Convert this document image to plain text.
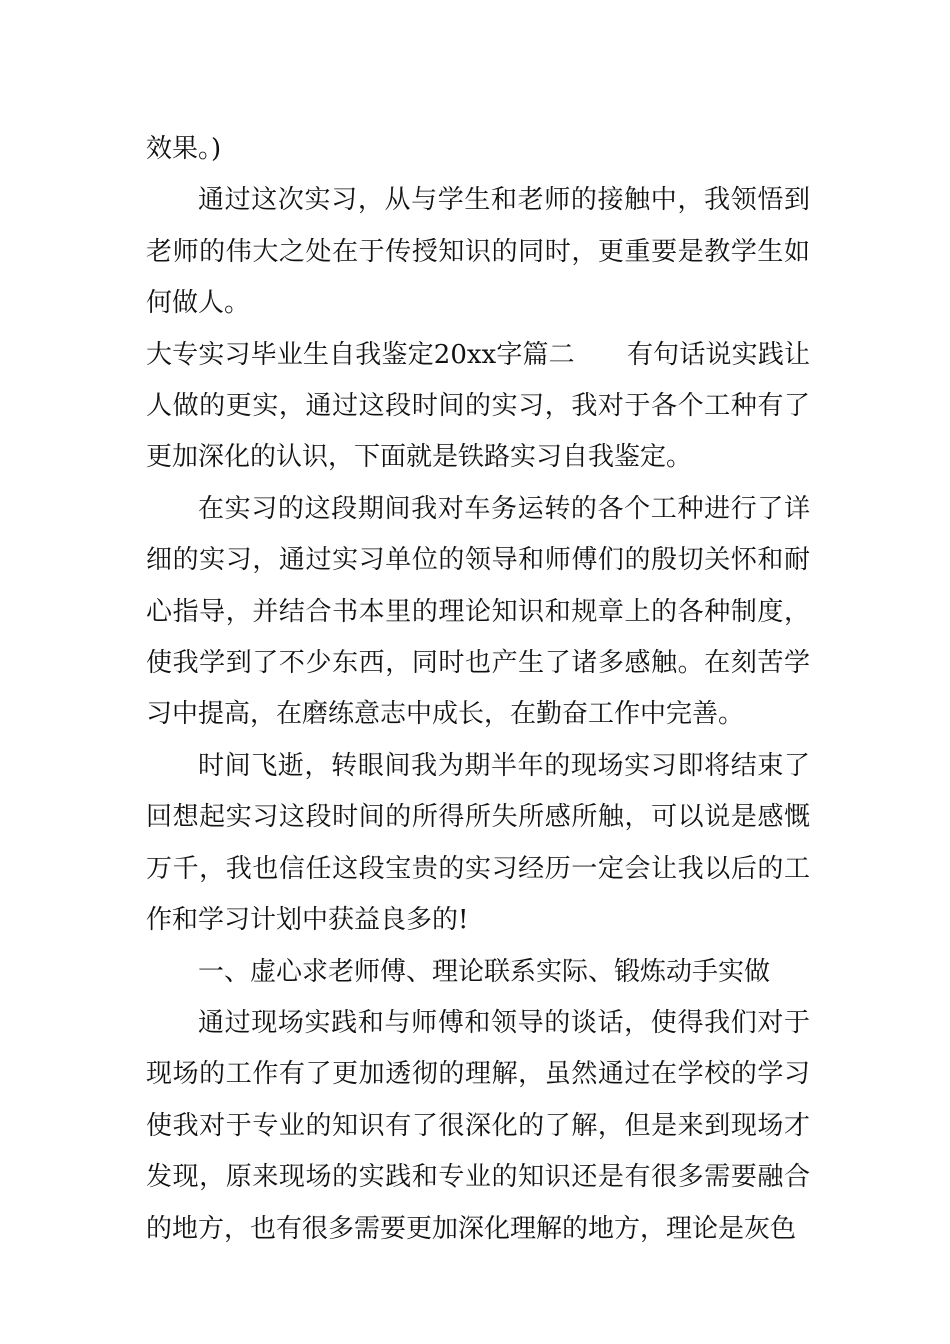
效果。)

通过这次实习，从与学生和老师的接触中，我领悟到老师的伟大之处在于传授知识的同时，更重要是教学生如何做人。

大专实习毕业生自我鉴定20xx字篇二 有句话说实践让人做的更实，通过这段时间的实习，我对于各个工种有了更加深化的认识，下面就是铁路实习自我鉴定。

在实习的这段期间我对车务运转的各个工种进行了详细的实习，通过实习单位的领导和师傅们的殷切关怀和耐心指导，并结合书本里的理论知识和规章上的各种制度，使我学到了不少东西，同时也产生了诸多感触。在刻苦学习中提高，在磨练意志中成长，在勤奋工作中完善。

时间飞逝，转眼间我为期半年的现场实习即将结束了回想起实习这段时间的所得所失所感所触，可以说是感慨万千，我也信任这段宝贵的实习经历一定会让我以后的工作和学习计划中获益良多的!

一、虚心求老师傅、理论联系实际、锻炼动手实做

通过现场实践和与师傅和领导的谈话，使得我们对于现场的工作有了更加透彻的理解，虽然通过在学校的学习使我对于专业的知识有了很深化的了解，但是来到现场才发现，原来现场的实践和专业的知识还是有很多需要融合的地方，也有很多需要更加深化理解的地方，理论是灰色
